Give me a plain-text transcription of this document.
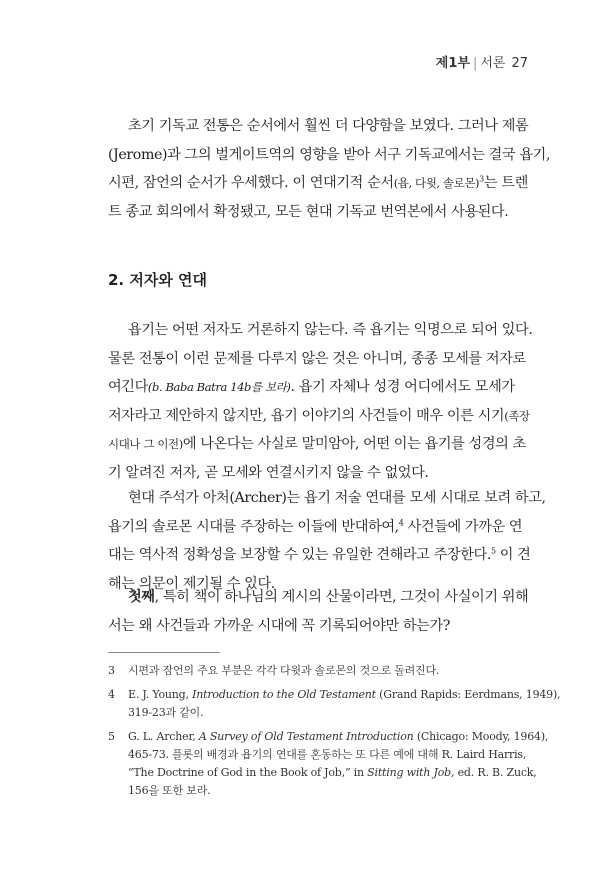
제1부 | 서론 27
초기 기독교 전통은 순서에서 훨씬 더 다양함을 보였다. 그러나 제롬
(Jerome)과 그의 벌게이트역의 영향을 받아 서구 기독교에서는 결국 욥기,
시편, 잠언의 순서가 우세했다. 이 연대기적 순서(욥, 다윗, 솔로몬)$^3$는 트렌
트 종교 회의에서 확정됐고, 모든 현대 기독교 번역본에서 사용된다.
2. 저자와 연대
욥기는 어떤 저자도 거론하지 않는다. 즉 욥기는 익명으로 되어 있다.
물론 전통이 이런 문제를 다루지 않은 것은 아니며, 종종 모세를 저자로
여긴다(b. Baba Batra 14b를 보라). 욥기 자체나 성경 어디에서도 모세가
저자라고 제안하지 않지만, 욥기 이야기의 사건들이 매우 이른 시기(족장
시대나 그 이전)에 나온다는 사실로 말미암아, 어떤 이는 욥기를 성경의 초
기 알려진 저자, 곧 모세와 연결시키지 않을 수 없었다.
현대 주석가 아처(Archer)는 욥기 저술 연대를 모세 시대로 보려 하고,
욥기의 솔로몬 시대를 주장하는 이들에 반대하여,$^4$ 사건들에 가까운 연
대는 역사적 정확성을 보장할 수 있는 유일한 견해라고 주장한다.$^5$ 이 견
해는 의문이 제기될 수 있다.
첫째, 특히 책이 하나님의 계시의 산물이라면, 그것이 사실이기 위해
서는 왜 사건들과 가까운 시대에 꼭 기록되어야만 하는가?
3 시편과 잠언의 주요 부분은 각각 다윗과 솔로몬의 것으로 돌려진다.
4 E. J. Young, Introduction to the Old Testament (Grand Rapids: Eerdmans, 1949),
319-23과 같이.
5 G. L. Archer, A Survey of Old Testament Introduction (Chicago: Moody, 1964),
465-73. 플롯의 배경과 욥기의 연대를 혼동하는 또 다른 예에 대해 R. Laird Harris,
“The Doctrine of God in the Book of Job,” in Sitting with Job, ed. R. B. Zuck,
156을 또한 보라.
